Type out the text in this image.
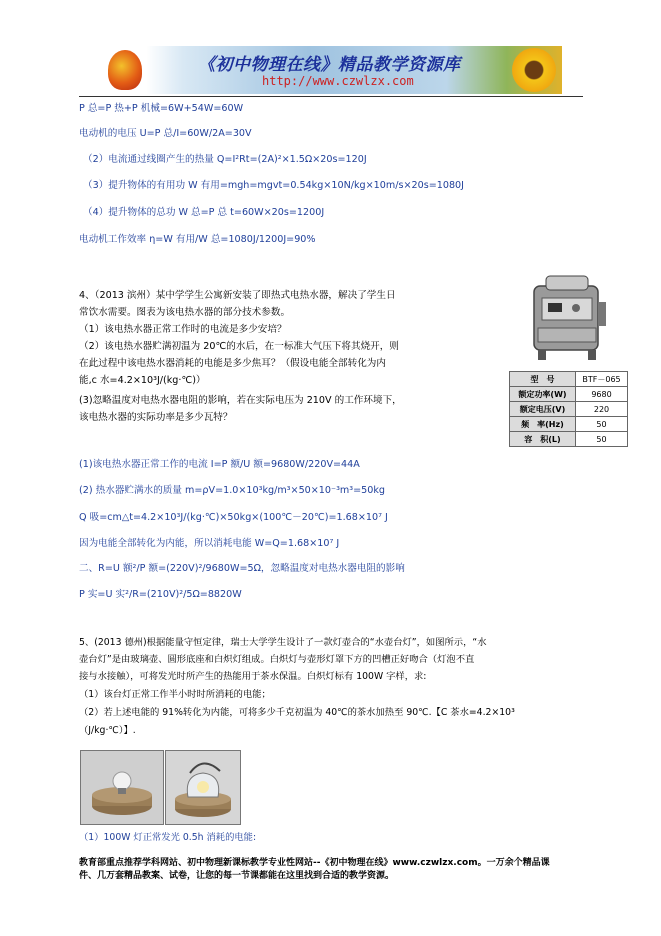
《初中物理在线》精品教学资源库
http://www.czwlzx.com
P 总=P 热+P 机械=6W+54W=60W
电动机的电压 U=P 总/I=60W/2A=30V
（2）电流通过线圈产生的热量 Q=I²Rt=(2A)²×1.5Ω×20s=120J
（3）提升物体的有用功 W 有用=mgh=mgvt=0.54kg×10N/kg×10m/s×20s=1080J
（4）提升物体的总功 W 总=P 总 t=60W×20s=1200J
电动机工作效率 η=W 有用/W 总=1080J/1200J=90%
4、（2013 滨州）某中学学生公寓新安装了即热式电热水器，解决了学生日
常饮水需要。图表为该电热水器的部分技术参数。
（1）该电热水器正常工作时的电流是多少安培？
（2）该电热水器贮满初温为 20℃的水后，在一标准大气压下将其烧开，则
在此过程中该电热水器消耗的电能是多少焦耳？（假设电能全部转化为内
能,c 水=4.2×10³J/(kg·℃)）
(3)忽略温度对电热水器电阻的影响，若在实际电压为 210V 的工作环境下，
该电热水器的实际功率是多少瓦特？
型　号	BTF－065
额定功率(W)	9680
额定电压(V)	220
频　率(Hz)	50
容　积(L)	50
(1)该电热水器正常工作的电流 I=P 额/U 额=9680W/220V=44A
(2) 热水器贮满水的质量 m=ρV=1.0×10³kg/m³×50×10⁻³m³=50kg
Q 吸=cm△t=4.2×10³J/(kg·℃)×50kg×(100℃－20℃)=1.68×10⁷ J
因为电能全部转化为内能，所以消耗电能 W=Q=1.68×10⁷ J
二、R=U 额²/P 额=(220V)²/9680W=5Ω，忽略温度对电热水器电阻的影响
P 实=U 实²/R=(210V)²/5Ω=8820W
5、(2013 德州)根据能量守恒定律，瑞士大学学生设计了一款灯壶合的“水壶台灯”，如图所示，“水
壶台灯”是由玻璃壶、圆形底座和白炽灯组成。白炽灯与壶形灯罩下方的凹槽正好吻合（灯泡不直
接与水接触），可将发光时所产生的热能用于茶水保温。白炽灯标有 100W 字样，求:
（1）该台灯正常工作半小时时所消耗的电能；
（2）若上述电能的 91%转化为内能，可将多少千克初温为 40℃的茶水加热至 90℃.【C 茶水=4.2×10³
（J/kg·℃）】.
（1）100W 灯正常发光 0.5h 消耗的电能:
教育部重点推荐学科网站、初中物理新课标教学专业性网站--《初中物理在线》www.czwlzx.com。一万余个精品课
件、几万套精品教案、试卷，让您的每一节课都能在这里找到合适的教学资源。
